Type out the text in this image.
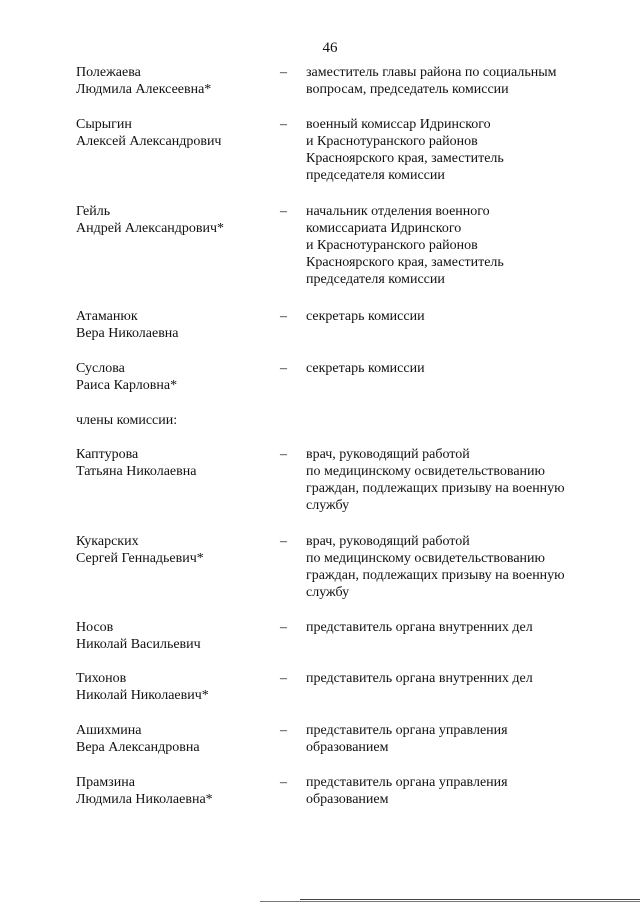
46
Полежаева
Людмила Алексеевна*
–	заместитель главы района по социальным
вопросам, председатель комиссии
Сырыгин
Алексей Александрович
–	военный комиссар Идринского
и Краснотуранского районов
Красноярского края, заместитель
председателя комиссии
Гейль
Андрей Александрович*
–	начальник отделения военного
комиссариата Идринского
и Краснотуранского районов
Красноярского края, заместитель
председателя комиссии
Атаманюк
Вера Николаевна
–	секретарь комиссии
Суслова
Раиса Карловна*
–	секретарь комиссии
члены комиссии:
Каптурова
Татьяна Николаевна
–	врач, руководящий работой
по медицинскому освидетельствованию
граждан, подлежащих призыву на военную
службу
Кукарских
Сергей Геннадьевич*
–	врач, руководящий работой
по медицинскому освидетельствованию
граждан, подлежащих призыву на военную
службу
Носов
Николай Васильевич
–	представитель органа внутренних дел
Тихонов
Николай Николаевич*
–	представитель органа внутренних дел
Ашихмина
Вера Александровна
–	представитель органа управления
образованием
Прамзина
Людмила Николаевна*
–	представитель органа управления
образованием
